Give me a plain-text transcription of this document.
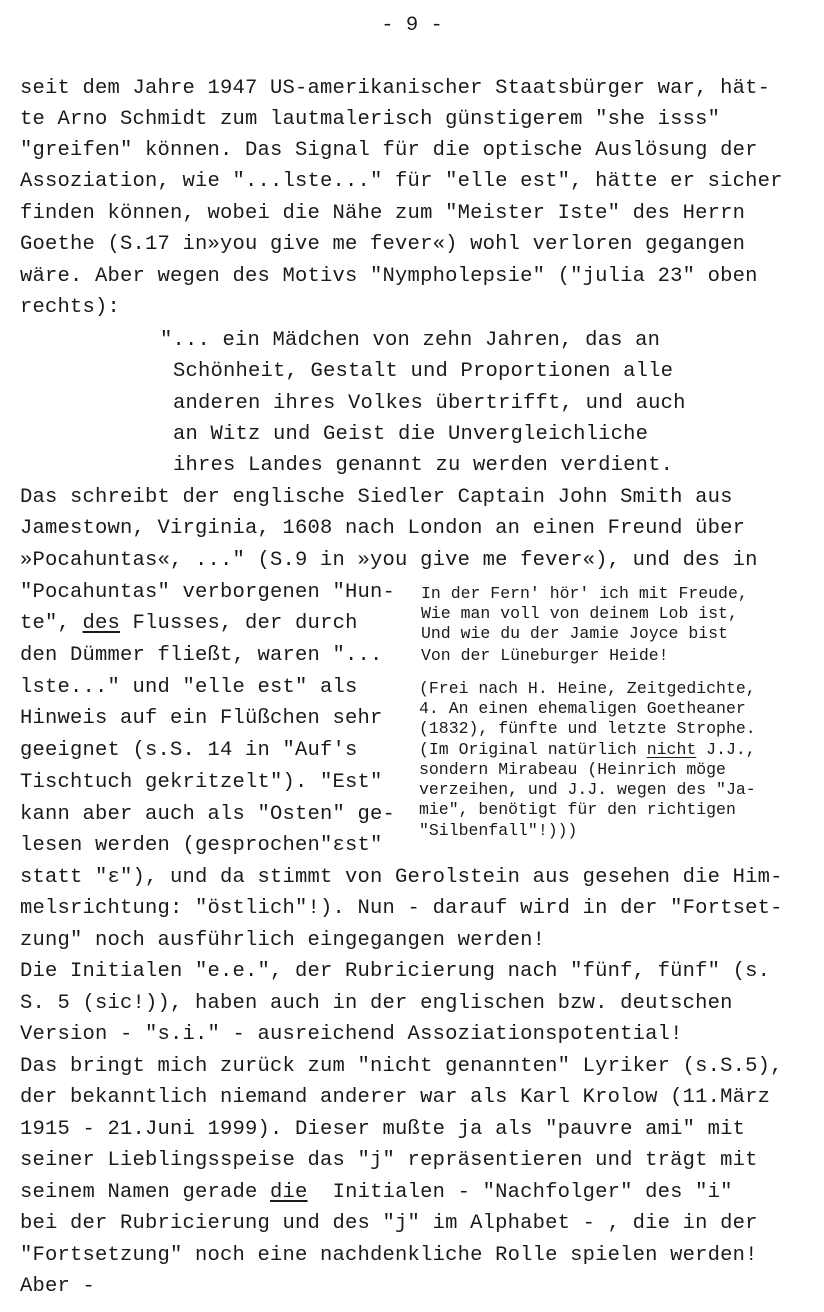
- 9 -
seit dem Jahre 1947 US-amerikanischer Staatsbürger war, hät-
te Arno Schmidt zum lautmalerisch günstigerem "she isss"
"greifen" können. Das Signal für die optische Auslösung der
Assoziation, wie "...lste..." für "elle est", hätte er sicher
finden können, wobei die Nähe zum "Meister Iste" des Herrn
Goethe (S.17 in»you give me fever«) wohl verloren gegangen
wäre. Aber wegen des Motivs "Nympholepsie" ("julia 23" oben
rechts):
"... ein Mädchen von zehn Jahren, das an
Schönheit, Gestalt und Proportionen alle
anderen ihres Volkes übertrifft, und auch
an Witz und Geist die Unvergleichliche
ihres Landes genannt zu werden verdient.
Das schreibt der englische Siedler Captain John Smith aus
Jamestown, Virginia, 1608 nach London an einen Freund über
»Pocahuntas«, ..." (S.9 in »you give me fever«), und des in
"Pocahuntas" verborgenen "Hun-
te", des Flusses, der durch
den Dümmer fließt, waren "...
lste..." und "elle est" als
Hinweis auf ein Flüßchen sehr
geeignet (s.S. 14 in "Auf's
Tischtuch gekritzelt"). "Est"
kann aber auch als "Osten" ge-
lesen werden (gesprochen"εst"
In der Fern' hör' ich mit Freude,
Wie man voll von deinem Lob ist,
Und wie du der Jamie Joyce bist
Von der Lüneburger Heide!
(Frei nach H. Heine, Zeitgedichte,
4. An einen ehemaligen Goetheaner
(1832), fünfte und letzte Strophe.
(Im Original natürlich nicht J.J.,
sondern Mirabeau (Heinrich möge
verzeihen, und J.J. wegen des "Ja-
mie", benötigt für den richtigen
"Silbenfall"!)))
statt "ε"), und da stimmt von Gerolstein aus gesehen die Him-
melsrichtung: "östlich"!). Nun - darauf wird in der "Fortset-
zung" noch ausführlich eingegangen werden!
Die Initialen "e.e.", der Rubricierung nach "fünf, fünf" (s.
S. 5 (sic!)), haben auch in der englischen bzw. deutschen
Version - "s.i." - ausreichend Assoziationspotential!
Das bringt mich zurück zum "nicht genannten" Lyriker (s.S.5),
der bekanntlich niemand anderer war als Karl Krolow (11.März
1915 - 21.Juni 1999). Dieser mußte ja als "pauvre ami" mit
seiner Lieblingsspeise das "j" repräsentieren und trägt mit
seinem Namen gerade die  Initialen - "Nachfolger" des "i"
bei der Rubricierung und des "j" im Alphabet - , die in der
"Fortsetzung" noch eine nachdenkliche Rolle spielen werden!
Aber -
